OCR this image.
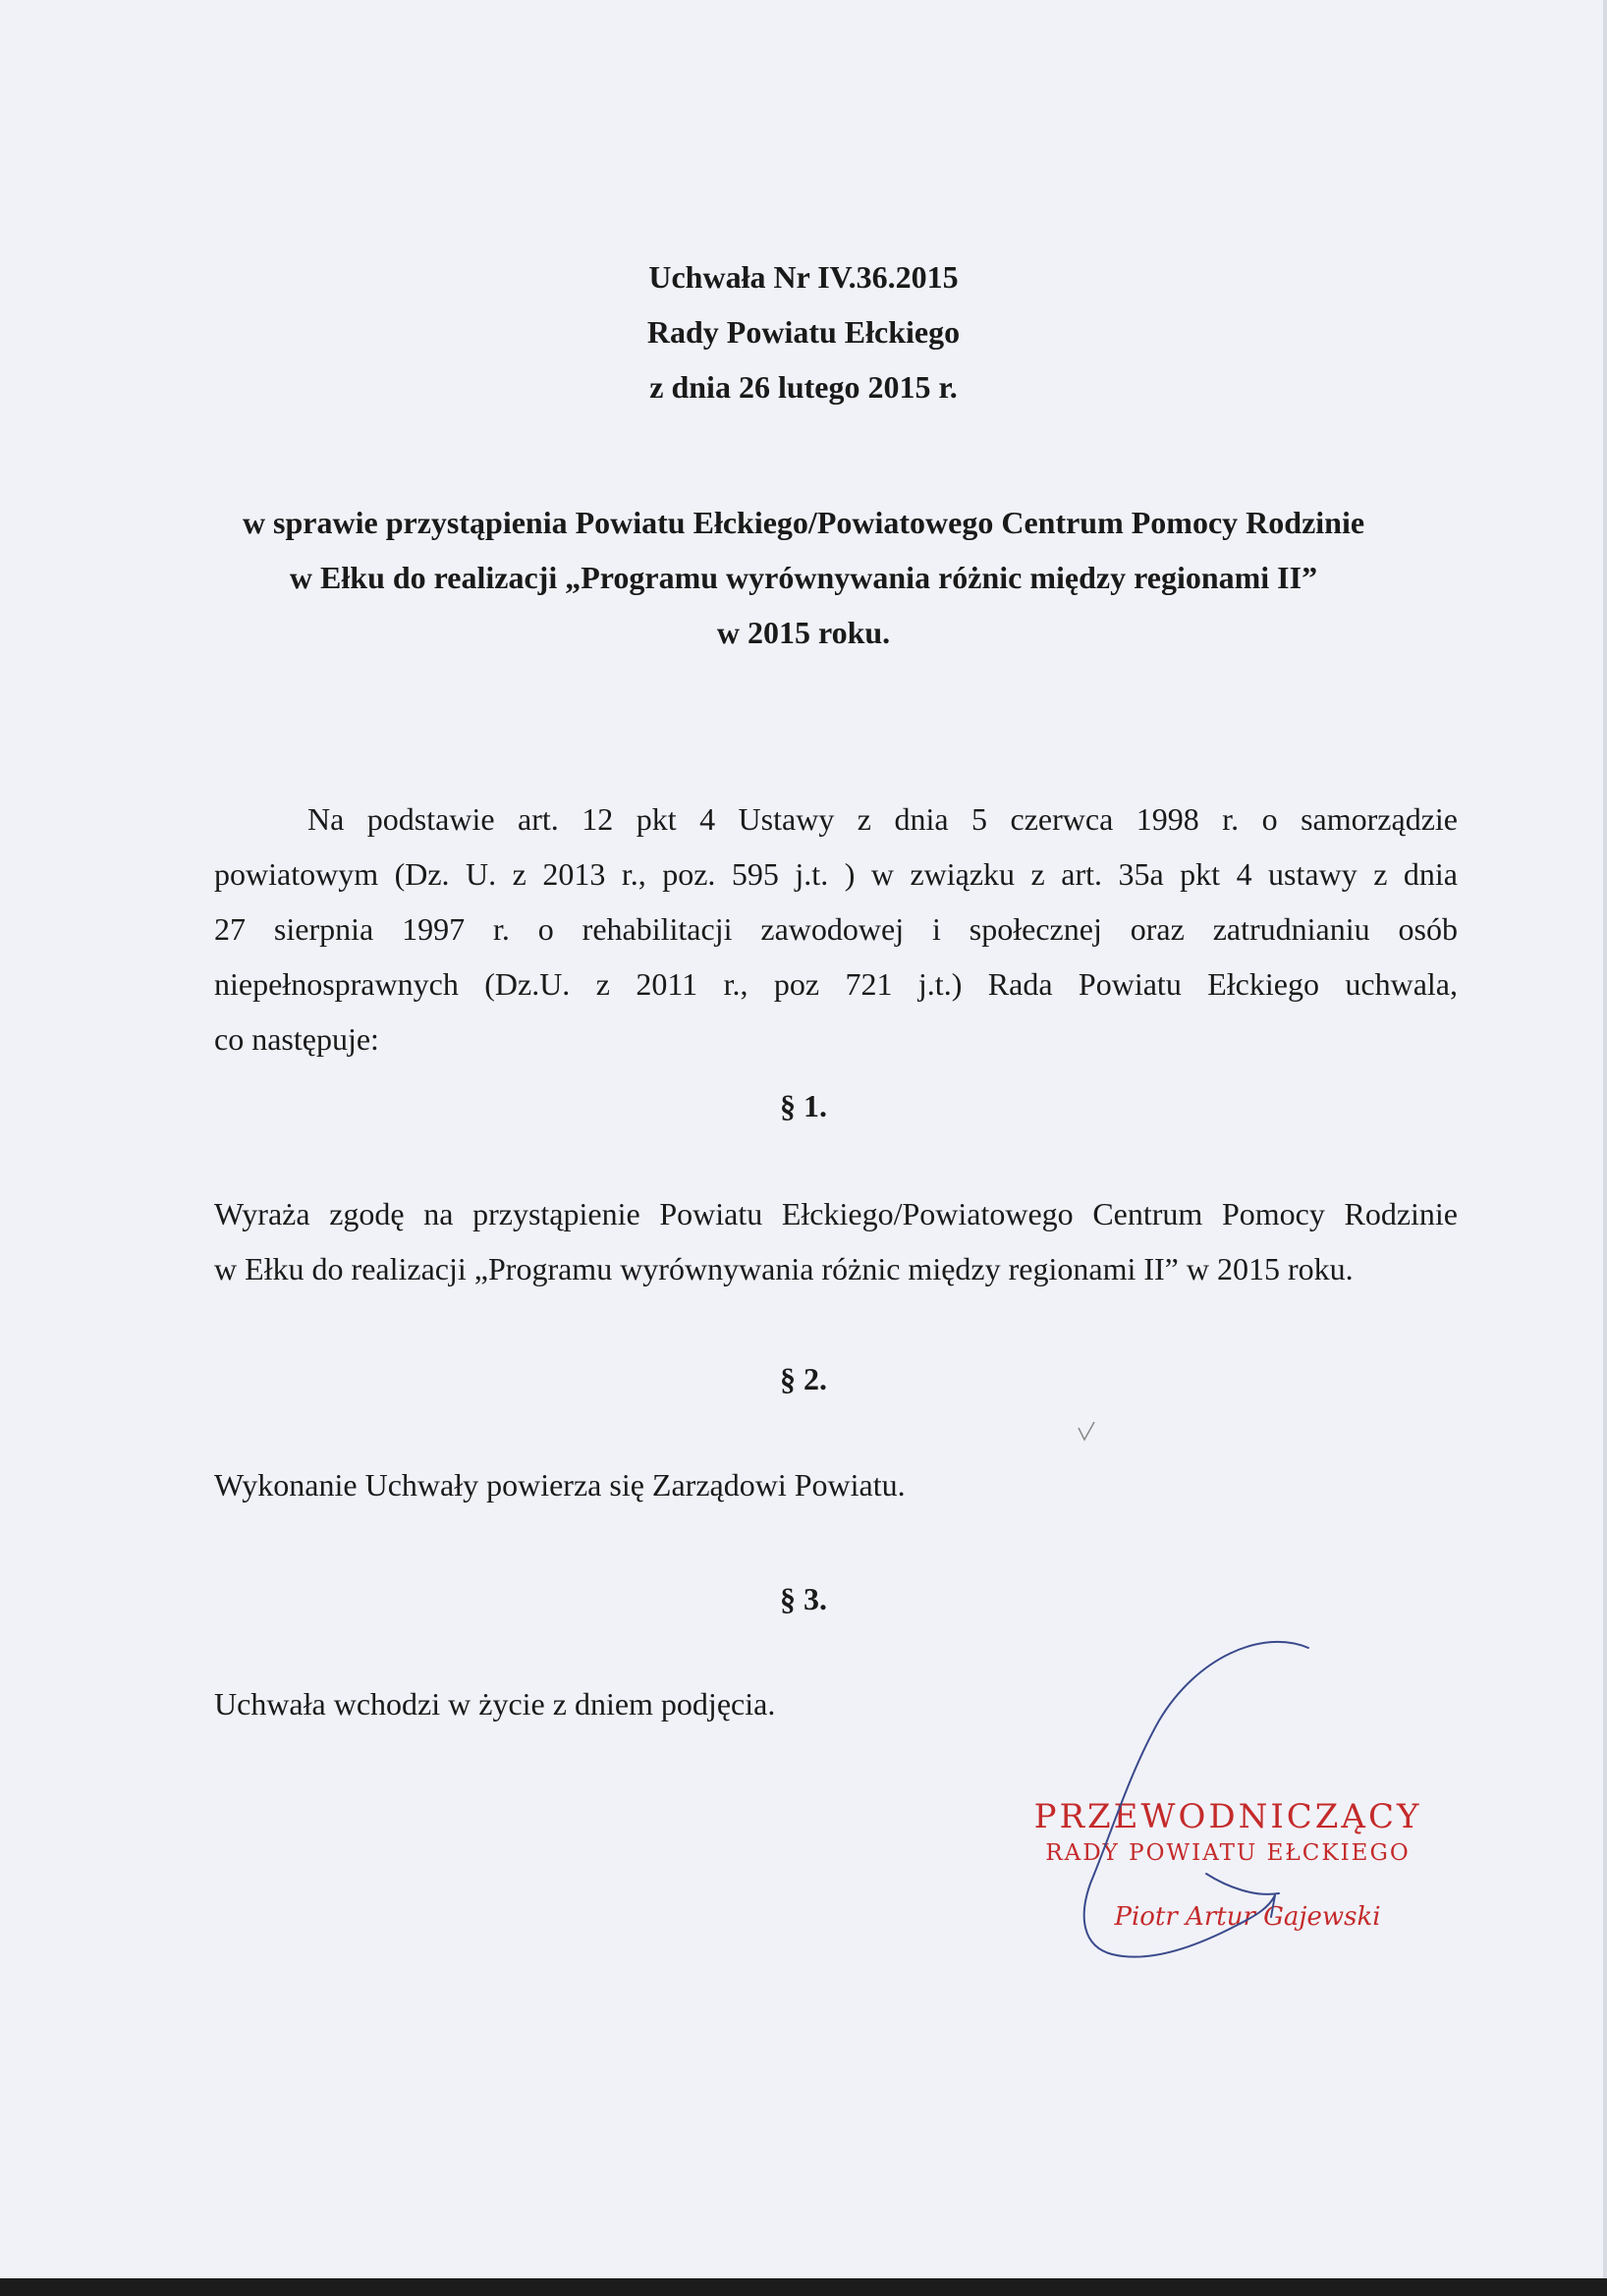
Uchwała Nr IV.36.2015
Rady Powiatu Ełckiego
z dnia 26 lutego 2015 r.
w sprawie przystąpienia Powiatu Ełckiego/Powiatowego Centrum Pomocy Rodzinie
w Ełku do realizacji „Programu wyrównywania różnic między regionami II”
w 2015 roku.
Na podstawie art. 12 pkt 4 Ustawy z dnia 5 czerwca 1998 r. o samorządzie
powiatowym (Dz. U. z 2013 r., poz. 595 j.t. ) w związku z art. 35a pkt 4 ustawy z dnia
27 sierpnia 1997 r. o rehabilitacji zawodowej i społecznej oraz zatrudnianiu osób
niepełnosprawnych (Dz.U. z 2011 r., poz 721 j.t.) Rada Powiatu Ełckiego uchwala,
co następuje:
§ 1.
Wyraża zgodę na przystąpienie Powiatu Ełckiego/Powiatowego Centrum Pomocy Rodzinie
w Ełku do realizacji „Programu wyrównywania różnic między regionami II” w 2015 roku.
§ 2.
Wykonanie Uchwały powierza się Zarządowi Powiatu.
§ 3.
Uchwała wchodzi w życie z dniem podjęcia.
PRZEWODNICZĄCY
RADY POWIATU EŁCKIEGO
Piotr Artur Gajewski
